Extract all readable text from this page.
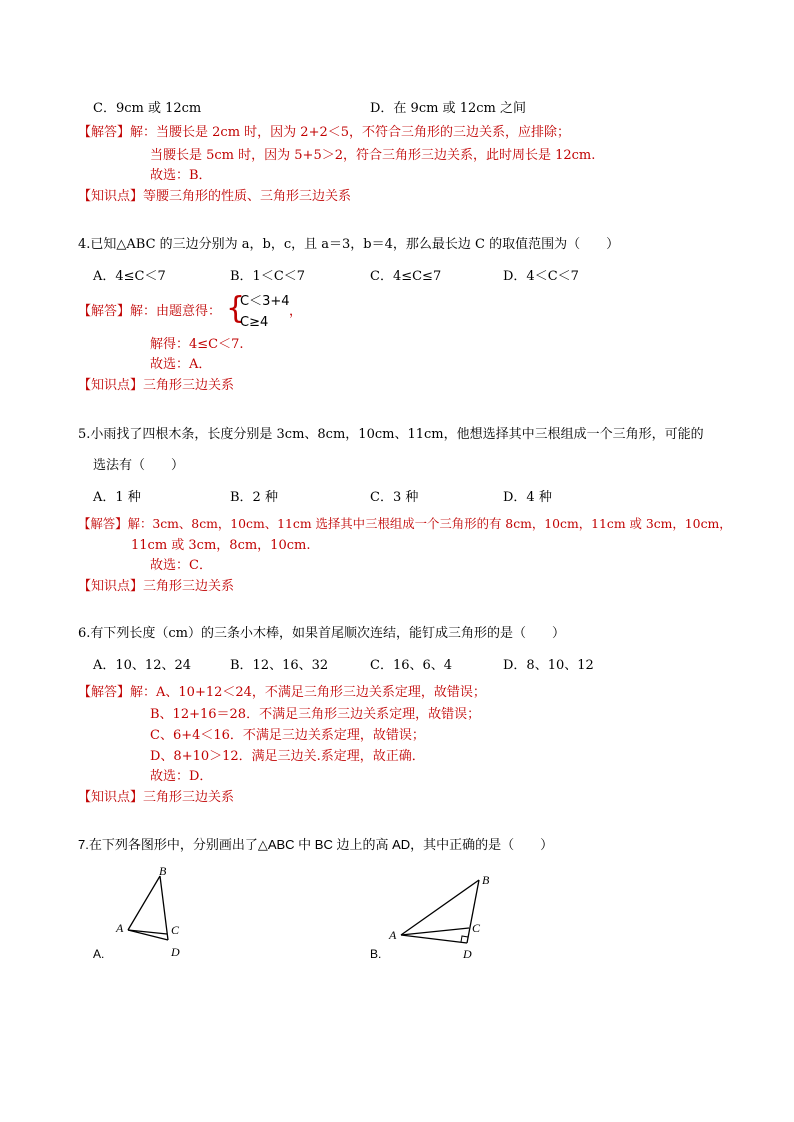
C．9cm 或 12cm	D．在 9cm 或 12cm 之间
【解答】解：当腰长是 2cm 时，因为 2+2＜5，不符合三角形的三边关系，应排除；
当腰长是 5cm 时，因为 5+5＞2，符合三角形三边关系，此时周长是 12cm.
故选：B．
【知识点】等腰三角形的性质、三角形三边关系
4.已知△ABC 的三边分别为 a，b，c，且 a＝3，b＝4，那么最长边 C 的取值范围为（　　）
A．4≤C＜7	B．1＜C＜7	C．4≤C≤7	D．4＜C＜7
【解答】解：由题意得： {
C＜3+4
C≥4
，
解得：4≤C＜7.
故选：A．
【知识点】三角形三边关系
5.小雨找了四根木条，长度分别是 3cm、8cm，10cm、11cm，他想选择其中三根组成一个三角形，可能的
选法有（　　）
A．1 种	B．2 种	C．3 种	D．4 种
【解答】解：3cm、8cm，10cm、11cm 选择其中三根组成一个三角形的有 8cm，10cm，11cm 或 3cm，10cm，
11cm 或 3cm，8cm，10cm.
故选：C．
【知识点】三角形三边关系
6.有下列长度（cm）的三条小木棒，如果首尾顺次连结，能钉成三角形的是（　　）
A．10、12、24	B．12、16、32	C．16、6、4	D．8、10、12
【解答】解：A、10+12＜24，不满足三角形三边关系定理，故错误；
B、12+16＝28．不满足三角形三边关系定理，故错误；
C、6+4＜16．不满足三边关系定理，故错误；
D、8+10＞12．满足三边关.系定理，故正确．
故选：D．
【知识点】三角形三边关系
7.在下列各图形中，分别画出了△ABC 中 BC 边上的高 AD，其中正确的是（　　）
B
A	C
D
A.
B
A	C
D
B.
